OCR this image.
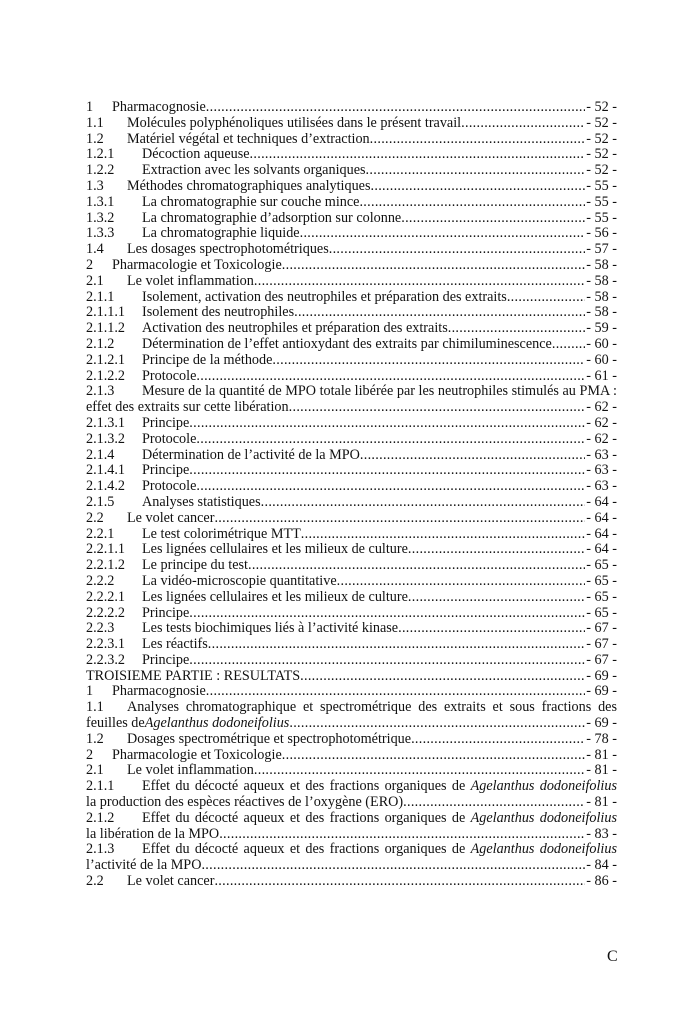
1	Pharmacognosie .....	- 52 -
1.1	Molécules polyphénoliques utilisées dans le présent travail .....	- 52 -
1.2	Matériel végétal et techniques d’extraction .....	- 52 -
1.2.1	Décoction aqueuse .....	- 52 -
1.2.2	Extraction avec les solvants organiques .....	- 52 -
1.3	Méthodes chromatographiques analytiques .....	- 55 -
1.3.1	La chromatographie sur couche mince .....	- 55 -
1.3.2	La chromatographie d’adsorption sur colonne .....	- 55 -
1.3.3	La chromatographie liquide .....	- 56 -
1.4	Les dosages spectrophotométriques .....	- 57 -
2	Pharmacologie et Toxicologie .....	- 58 -
2.1	Le volet inflammation .....	- 58 -
2.1.1	Isolement, activation des neutrophiles et préparation des extraits .....	- 58 -
2.1.1.1	Isolement des neutrophiles .....	- 58 -
2.1.1.2	Activation des neutrophiles et préparation des extraits .....	- 59 -
2.1.2	Détermination de l’effet antioxydant des extraits par chimiluminescence ..... - 60 -
2.1.2.1	Principe de la méthode .....	- 60 -
2.1.2.2	Protocole .....	- 61 -
2.1.3	Mesure de la quantité de MPO totale libérée par les neutrophiles stimulés au PMA :
effet des extraits sur cette libération .....	- 62 -
2.1.3.1	Principe .....	- 62 -
2.1.3.2	Protocole .....	- 62 -
2.1.4	Détermination de l’activité de la MPO .....	- 63 -
2.1.4.1	Principe .....	- 63 -
2.1.4.2	Protocole .....	- 63 -
2.1.5	Analyses statistiques .....	- 64 -
2.2	Le volet cancer .....	- 64 -
2.2.1	Le test colorimétrique MTT .....	- 64 -
2.2.1.1	Les lignées cellulaires et les milieux de culture .....	- 64 -
2.2.1.2	Le principe du test .....	- 65 -
2.2.2	La vidéo-microscopie quantitative .....	- 65 -
2.2.2.1	Les lignées cellulaires et les milieux de culture .....	- 65 -
2.2.2.2	Principe .....	- 65 -
2.2.3	Les tests biochimiques liés à l’activité kinase .....	- 67 -
2.2.3.1	Les réactifs .....	- 67 -
2.2.3.2	Principe .....	- 67 -
TROISIEME PARTIE : RESULTATS .....	- 69 -
1	Pharmacognosie .....	- 69 -
1.1	Analyses chromatographique et spectrométrique des extraits et sous fractions des
feuilles de Agelanthus dodoneifolius .....	- 69 -
1.2	Dosages spectrométrique et spectrophotométrique .....	- 78 -
2	Pharmacologie et Toxicologie .....	- 81 -
2.1	Le volet inflammation .....	- 81 -
2.1.1	Effet du décocté aqueux et des fractions organiques de Agelanthus dodoneifolius
la production des espèces réactives de l’oxygène (ERO) .....	- 81 -
2.1.2	Effet du décocté aqueux et des fractions organiques de Agelanthus dodoneifolius
la libération de la MPO .....	- 83 -
2.1.3	Effet du décocté aqueux et des fractions organiques de Agelanthus dodoneifolius
l’activité de la MPO .....	- 84 -
2.2	Le volet cancer .....	- 86 -
C
